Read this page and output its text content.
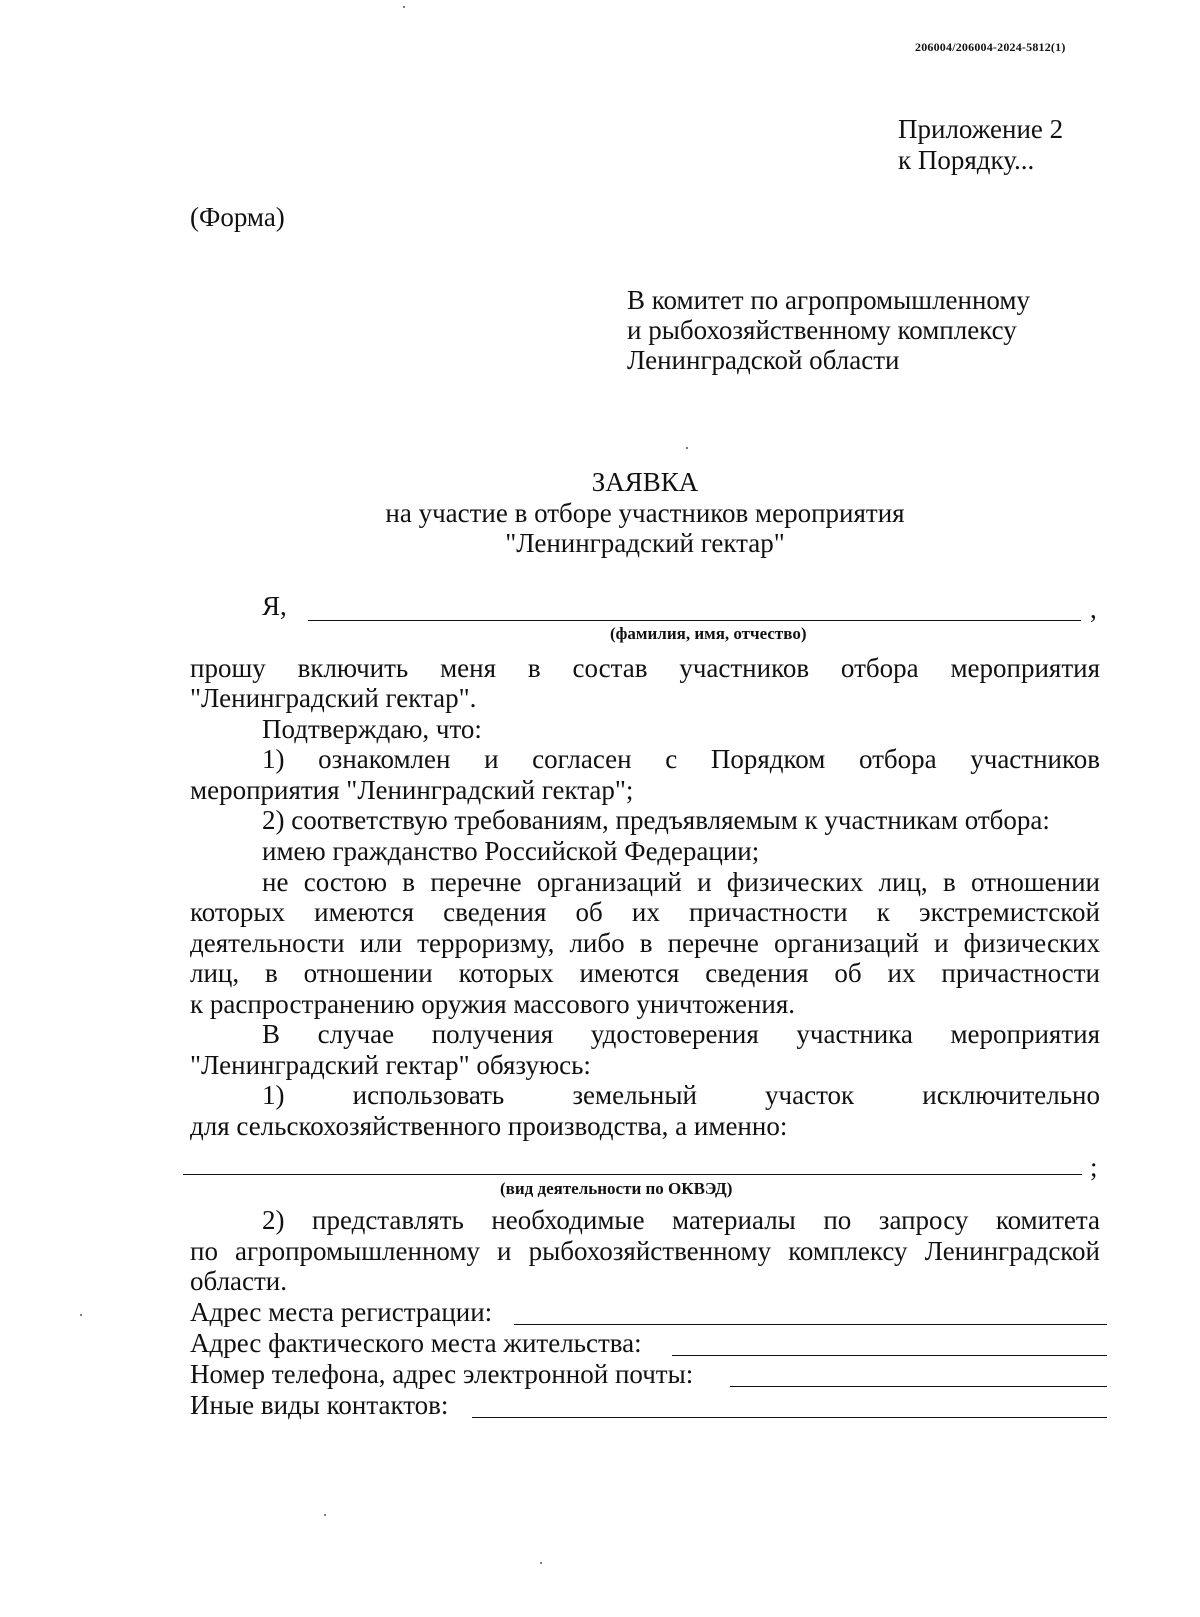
206004/206004-2024-5812(1)
Приложение 2
к Порядку...
(Форма)
В комитет по агропромышленному
и рыбохозяйственному комплексу
Ленинградской области
ЗАЯВКА
на участие в отборе участников мероприятия
"Ленинградский гектар"
Я,	,
(фамилия, имя, отчество)
прошу включить меня в состав участников отбора мероприятия
"Ленинградский гектар".
Подтверждаю, что:
1) ознакомлен и согласен с Порядком отбора участников
мероприятия "Ленинградский гектар";
2) соответствую требованиям, предъявляемым к участникам отбора:
имею гражданство Российской Федерации;
не состою в перечне организаций и физических лиц, в отношении
которых имеются сведения об их причастности к экстремистской
деятельности или терроризму, либо в перечне организаций и физических
лиц, в отношении которых имеются сведения об их причастности
к распространению оружия массового уничтожения.
В случае получения удостоверения участника мероприятия
"Ленинградский гектар" обязуюсь:
1) использовать земельный участок исключительно
для сельскохозяйственного производства, а именно:
;
(вид деятельности по ОКВЭД)
2) представлять необходимые материалы по запросу комитета
по агропромышленному и рыбохозяйственному комплексу Ленинградской
области.
Адрес места регистрации:
Адрес фактического места жительства:
Номер телефона, адрес электронной почты:
Иные виды контактов:
